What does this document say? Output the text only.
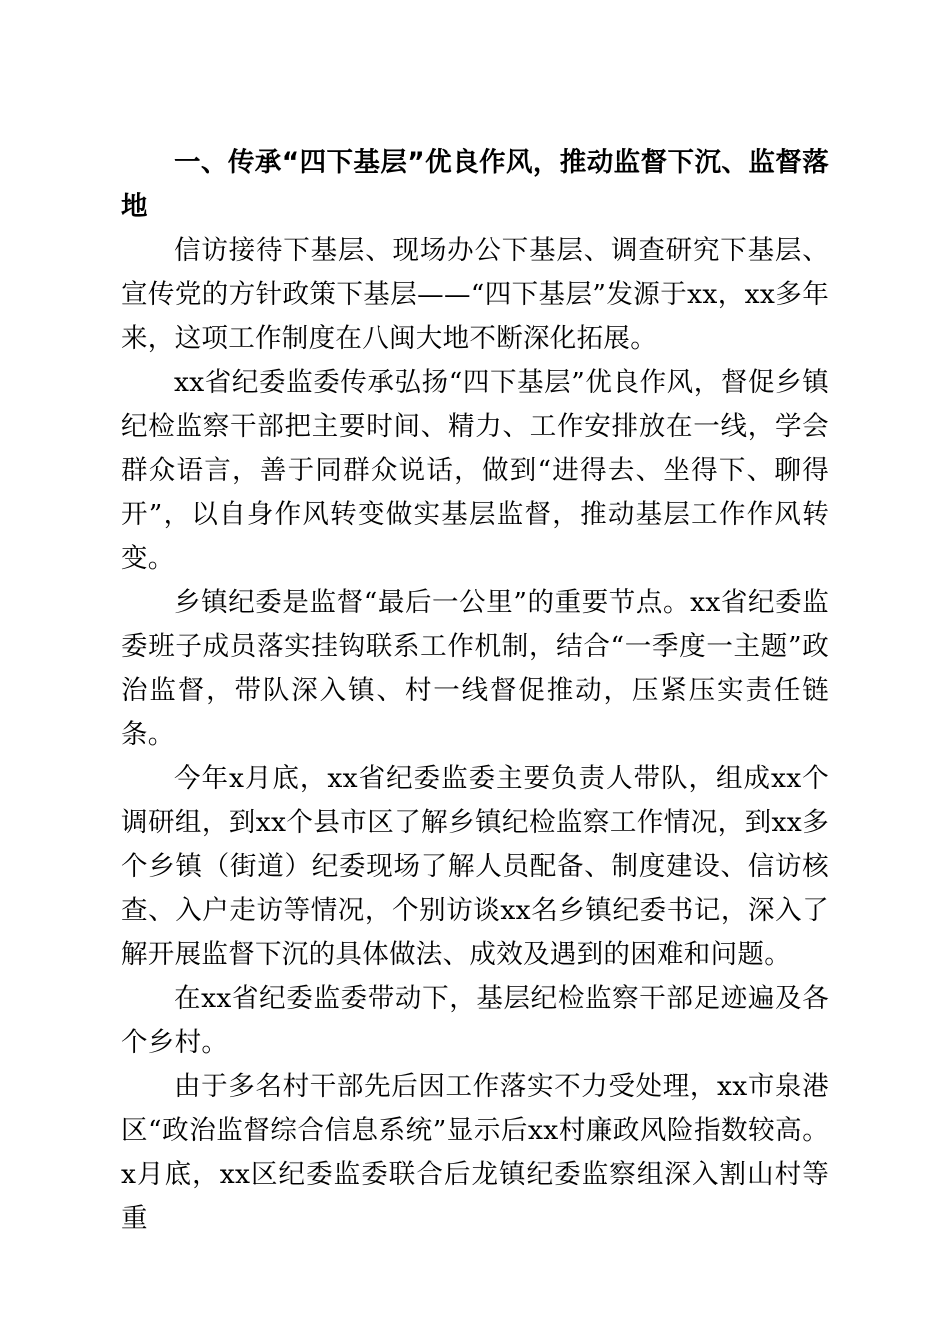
一、传承“四下基层”优良作风，推动监督下沉、监督落地

信访接待下基层、现场办公下基层、调查研究下基层、宣传党的方针政策下基层——“四下基层”发源于xx，xx多年来，这项工作制度在八闽大地不断深化拓展。

xx省纪委监委传承弘扬“四下基层”优良作风，督促乡镇纪检监察干部把主要时间、精力、工作安排放在一线，学会群众语言，善于同群众说话，做到“进得去、坐得下、聊得开”，以自身作风转变做实基层监督，推动基层工作作风转变。

乡镇纪委是监督“最后一公里”的重要节点。xx省纪委监委班子成员落实挂钩联系工作机制，结合“一季度一主题”政治监督，带队深入镇、村一线督促推动，压紧压实责任链条。

今年x月底，xx省纪委监委主要负责人带队，组成xx个调研组，到xx个县市区了解乡镇纪检监察工作情况，到xx多个乡镇（街道）纪委现场了解人员配备、制度建设、信访核查、入户走访等情况，个别访谈xx名乡镇纪委书记，深入了解开展监督下沉的具体做法、成效及遇到的困难和问题。

在xx省纪委监委带动下，基层纪检监察干部足迹遍及各个乡村。

由于多名村干部先后因工作落实不力受处理，xx市泉港区“政治监督综合信息系统”显示后xx村廉政风险指数较高。x月底，xx区纪委监委联合后龙镇纪委监察组深入割山村等重
